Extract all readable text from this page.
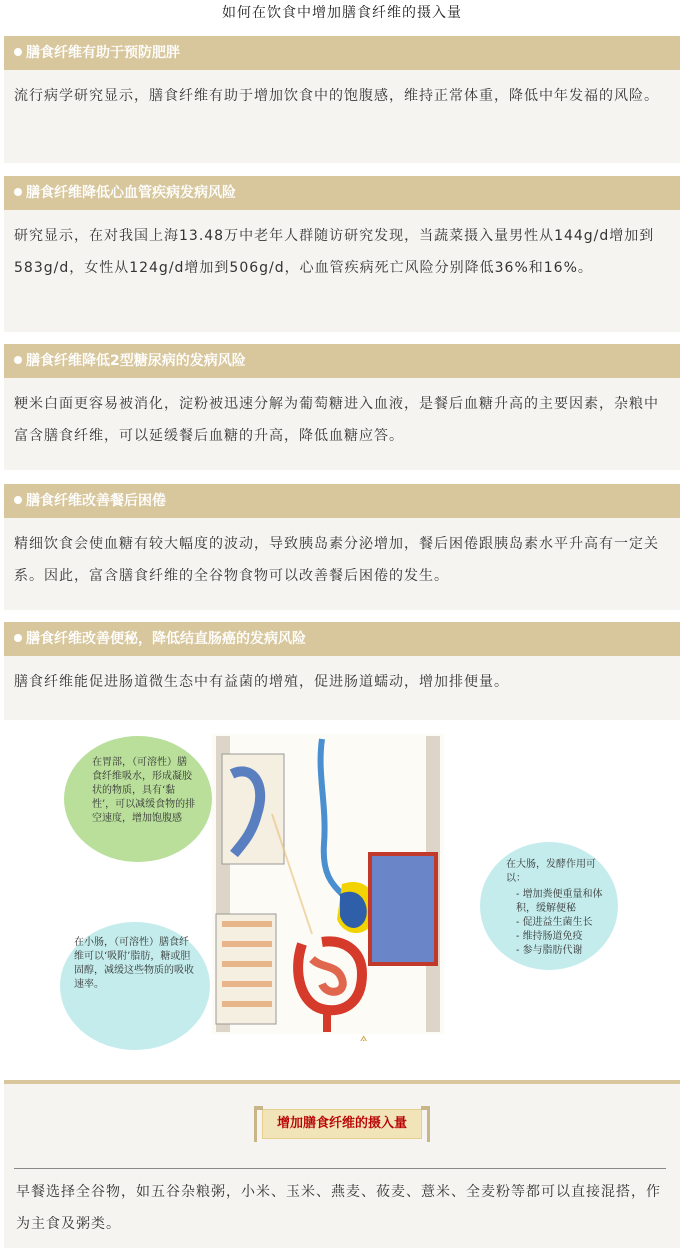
如何在饮食中增加膳食纤维的摄入量
膳食纤维有助于预防肥胖
流行病学研究显示，膳食纤维有助于增加饮食中的饱腹感，维持正常体重，降低中年发福的风险。
膳食纤维降低心血管疾病发病风险
研究显示，在对我国上海13.48万中老年人群随访研究发现，当蔬菜摄入量男性从144g/d增加到583g/d，女性从124g/d增加到506g/d，心血管疾病死亡风险分别降低36%和16%。
膳食纤维降低2型糖尿病的发病风险
粳米白面更容易被消化，淀粉被迅速分解为葡萄糖进入血液，是餐后血糖升高的主要因素，杂粮中富含膳食纤维，可以延缓餐后血糖的升高，降低血糖应答。
膳食纤维改善餐后困倦
精细饮食会使血糖有较大幅度的波动，导致胰岛素分泌增加，餐后困倦跟胰岛素水平升高有一定关系。因此，富含膳食纤维的全谷物食物可以改善餐后困倦的发生。
膳食纤维改善便秘，降低结直肠癌的发病风险
膳食纤维能促进肠道微生态中有益菌的增殖，促进肠道蠕动，增加排便量。
在胃部，（可溶性）膳食纤维吸水，形成凝胶状的物质，具有‘黏性’，可以减缓食物的排空速度，增加饱腹感
在小肠，（可溶性）膳食纤维可以‘吸附’脂肪，糖或胆固醇，减缓这些物质的吸收速率。
在大肠，发酵作用可以：
- 增加粪便重量和体积，缓解便秘
- 促进益生菌生长
- 维持肠道免疫
- 参与脂肪代谢
⟑
增加膳食纤维的摄入量
早餐选择全谷物，如五谷杂粮粥，小米、玉米、燕麦、莜麦、薏米、全麦粉等都可以直接混搭，作为主食及粥类。
